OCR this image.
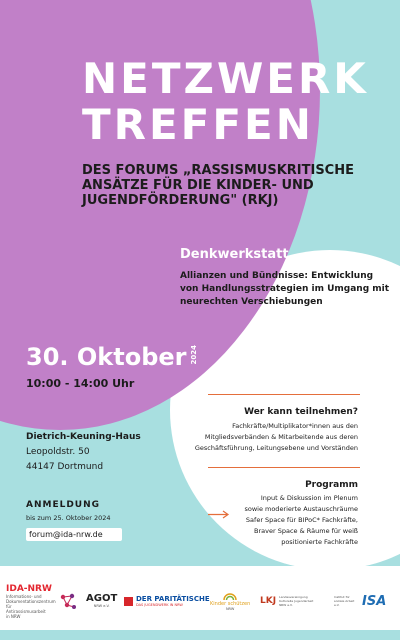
NETZWERK
TREFFEN
DES FORUMS „RASSISMUSKRITISCHE ANSÄTZE FÜR DIE KINDER- UND JUGENDFÖRDERUNG" (RKJ)
Denkwerkstatt
Allianzen und Bündnisse: Entwicklung von Handlungsstrategien im Umgang mit neurechten Verschiebungen
30. Oktober 2024
10:00 - 14:00 Uhr
Wer kann teilnehmen?
Fachkräfte/Multiplikator*innen aus den Mitgliedsverbänden & Mitarbeitende aus deren Geschäftsführung, Leitungsebene und Vorständen
Dietrich-Keuning-Haus
Leopoldstr. 50
44147 Dortmund
Programm
Input & Diskussion im Plenum
sowie moderierte Austauschräume
Safer Space für BIPoC* Fachkräfte,
Braver Space & Räume für weiß
positionierte Fachkräfte
ANMELDUNG
bis zum 25. Oktober 2024
forum@ida-nrw.de
IDA-NRW
Informations- und Dokumentationszentrum für Antirassismusarbeit in NRW
AGOT
NRW e.V.
DER PARITÄTISCHE
DAS JUGENDWERK IN NRW	Kinder schützen
NRW
LKJ Landesvereinigung Kulturelle Jugendarbeit NRW e.V.
Institut für soziale Arbeit e.V.	ISA
